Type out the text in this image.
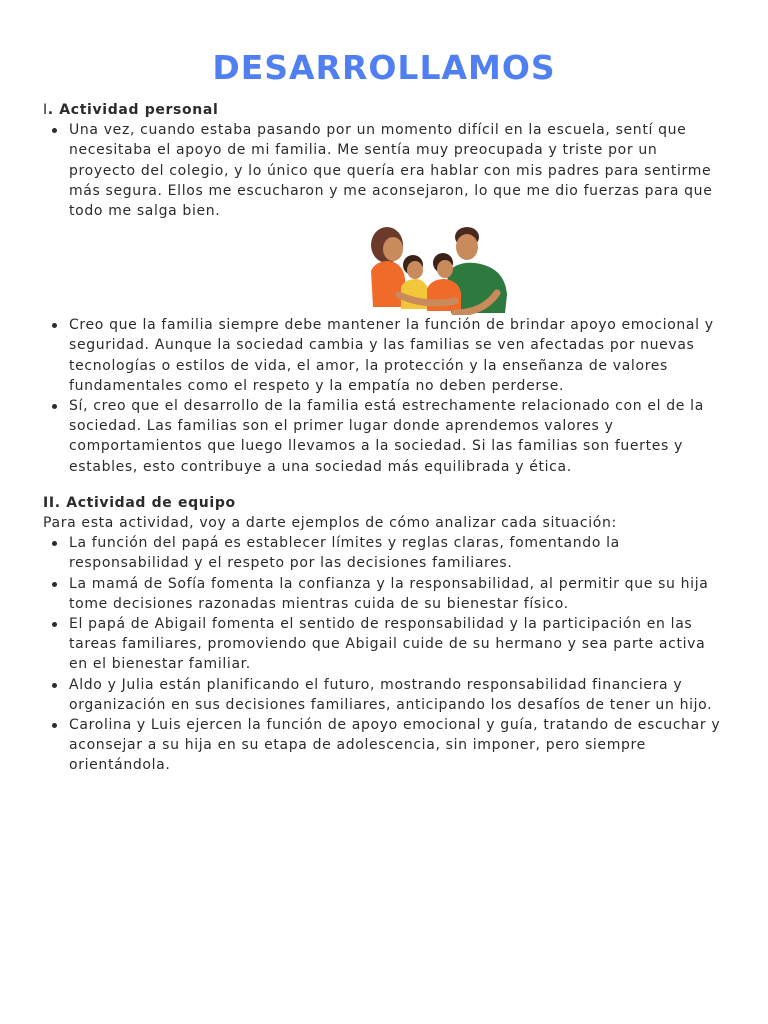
DESARROLLAMOS

I. Actividad personal

Una vez, cuando estaba pasando por un momento difícil en la escuela, sentí que necesitaba el apoyo de mi familia. Me sentía muy preocupada y triste por un proyecto del colegio, y lo único que quería era hablar con mis padres para sentirme más segura. Ellos me escucharon y me aconsejaron, lo que me dio fuerzas para que todo me salga bien.
Creo que la familia siempre debe mantener la función de brindar apoyo emocional y seguridad. Aunque la sociedad cambia y las familias se ven afectadas por nuevas tecnologías o estilos de vida, el amor, la protección y la enseñanza de valores fundamentales como el respeto y la empatía no deben perderse.
Sí, creo que el desarrollo de la familia está estrechamente relacionado con el de la sociedad. Las familias son el primer lugar donde aprendemos valores y comportamientos que luego llevamos a la sociedad. Si las familias son fuertes y estables, esto contribuye a una sociedad más equilibrada y ética.

II. Actividad de equipo

Para esta actividad, voy a darte ejemplos de cómo analizar cada situación:

La función del papá es establecer límites y reglas claras, fomentando la responsabilidad y el respeto por las decisiones familiares.
La mamá de Sofía fomenta la confianza y la responsabilidad, al permitir que su hija tome decisiones razonadas mientras cuida de su bienestar físico.
El papá de Abigail fomenta el sentido de responsabilidad y la participación en las tareas familiares, promoviendo que Abigail cuide de su hermano y sea parte activa en el bienestar familiar.
Aldo y Julia están planificando el futuro, mostrando responsabilidad financiera y organización en sus decisiones familiares, anticipando los desafíos de tener un hijo.
Carolina y Luis ejercen la función de apoyo emocional y guía, tratando de escuchar y aconsejar a su hija en su etapa de adolescencia, sin imponer, pero siempre orientándola.
